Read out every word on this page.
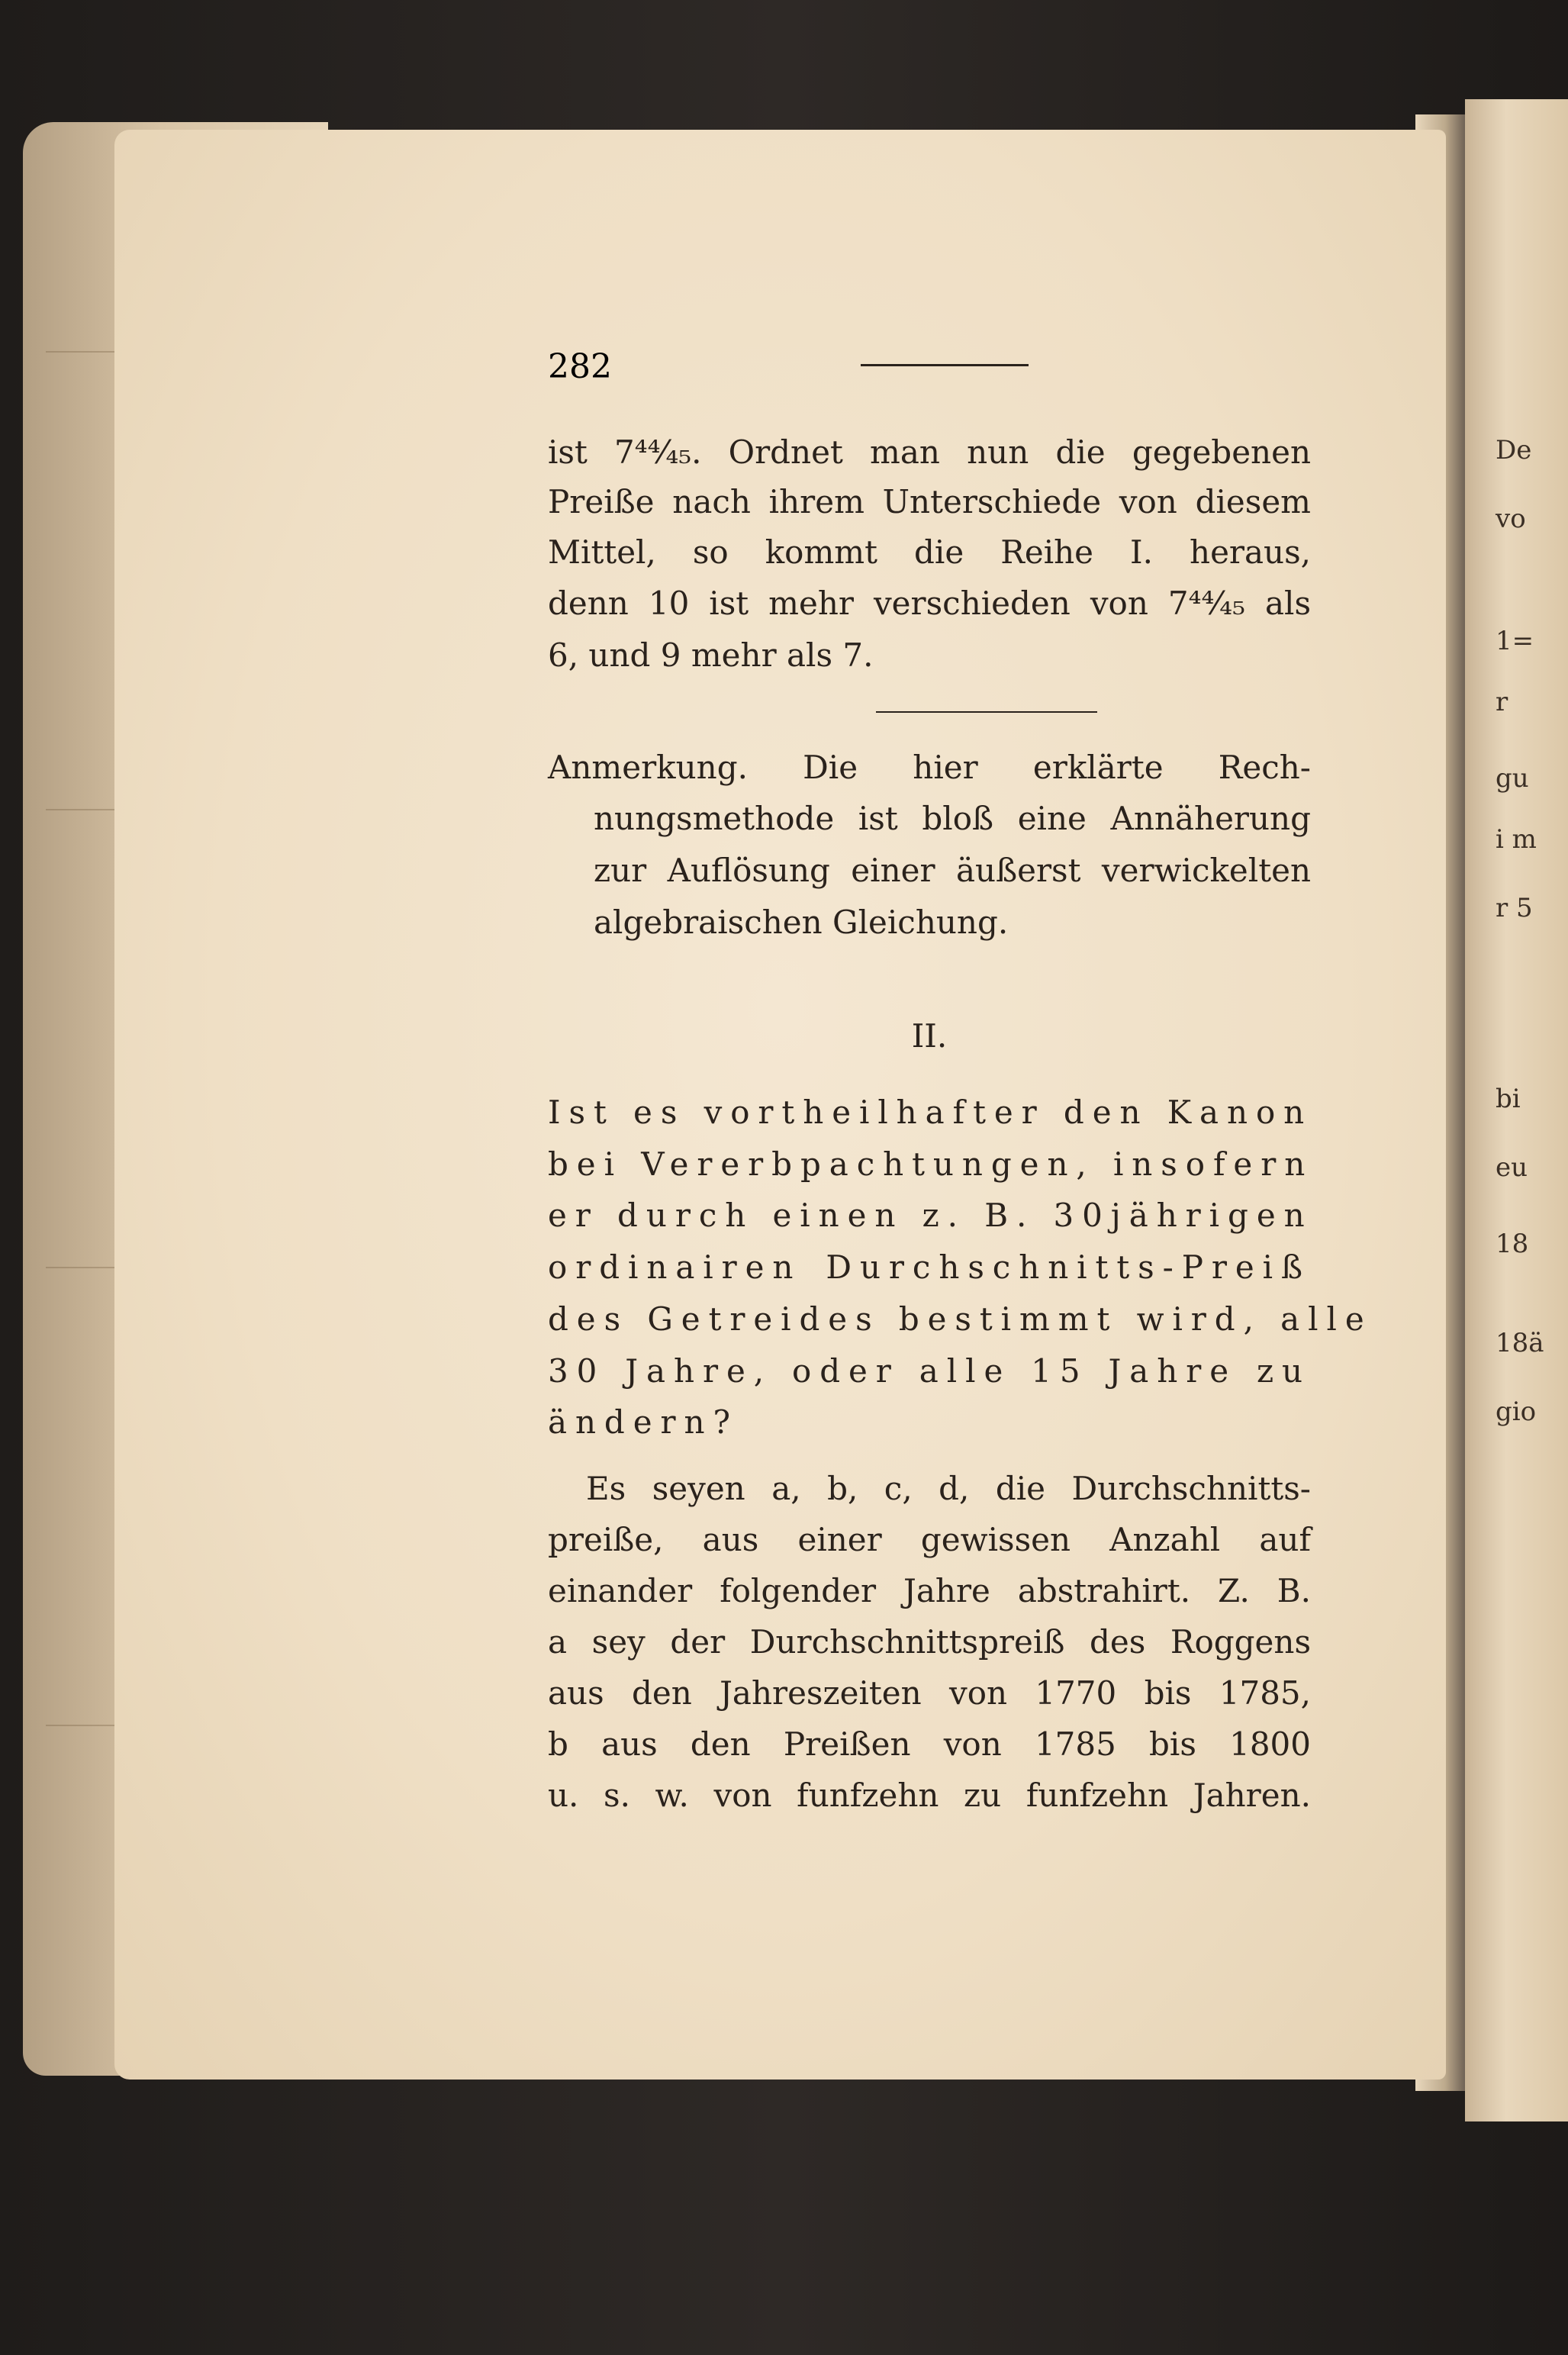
De
vo
1=
r
gu
i m
r 5
bi
eu
18
18ä
gio
282
ist 7⁴⁴⁄₄₅. Ordnet man nun die gegebenen
Preiße nach ihrem Unterschiede von diesem
Mittel, so kommt die Reihe I. heraus,
denn 10 ist mehr verschieden von 7⁴⁴⁄₄₅ als
6, und 9 mehr als 7.
Anmerkung. Die hier erklärte Rech-
nungsmethode ist bloß eine Annäherung
zur Auflösung einer äußerst verwickelten
algebraischen Gleichung.
II.
Ist es vortheilhafter den Kanon
bei Vererbpachtungen, insofern
er durch einen z. B. 30jährigen
ordinairen Durchschnitts-Preiß
des Getreides bestimmt wird, alle
30 Jahre, oder alle 15 Jahre zu
ändern?
Es seyen a, b, c, d, die Durchschnitts-
preiße, aus einer gewissen Anzahl auf
einander folgender Jahre abstrahirt. Z. B.
a sey der Durchschnittspreiß des Roggens
aus den Jahreszeiten von 1770 bis 1785,
b aus den Preißen von 1785 bis 1800
u. s. w. von funfzehn zu funfzehn Jahren.
